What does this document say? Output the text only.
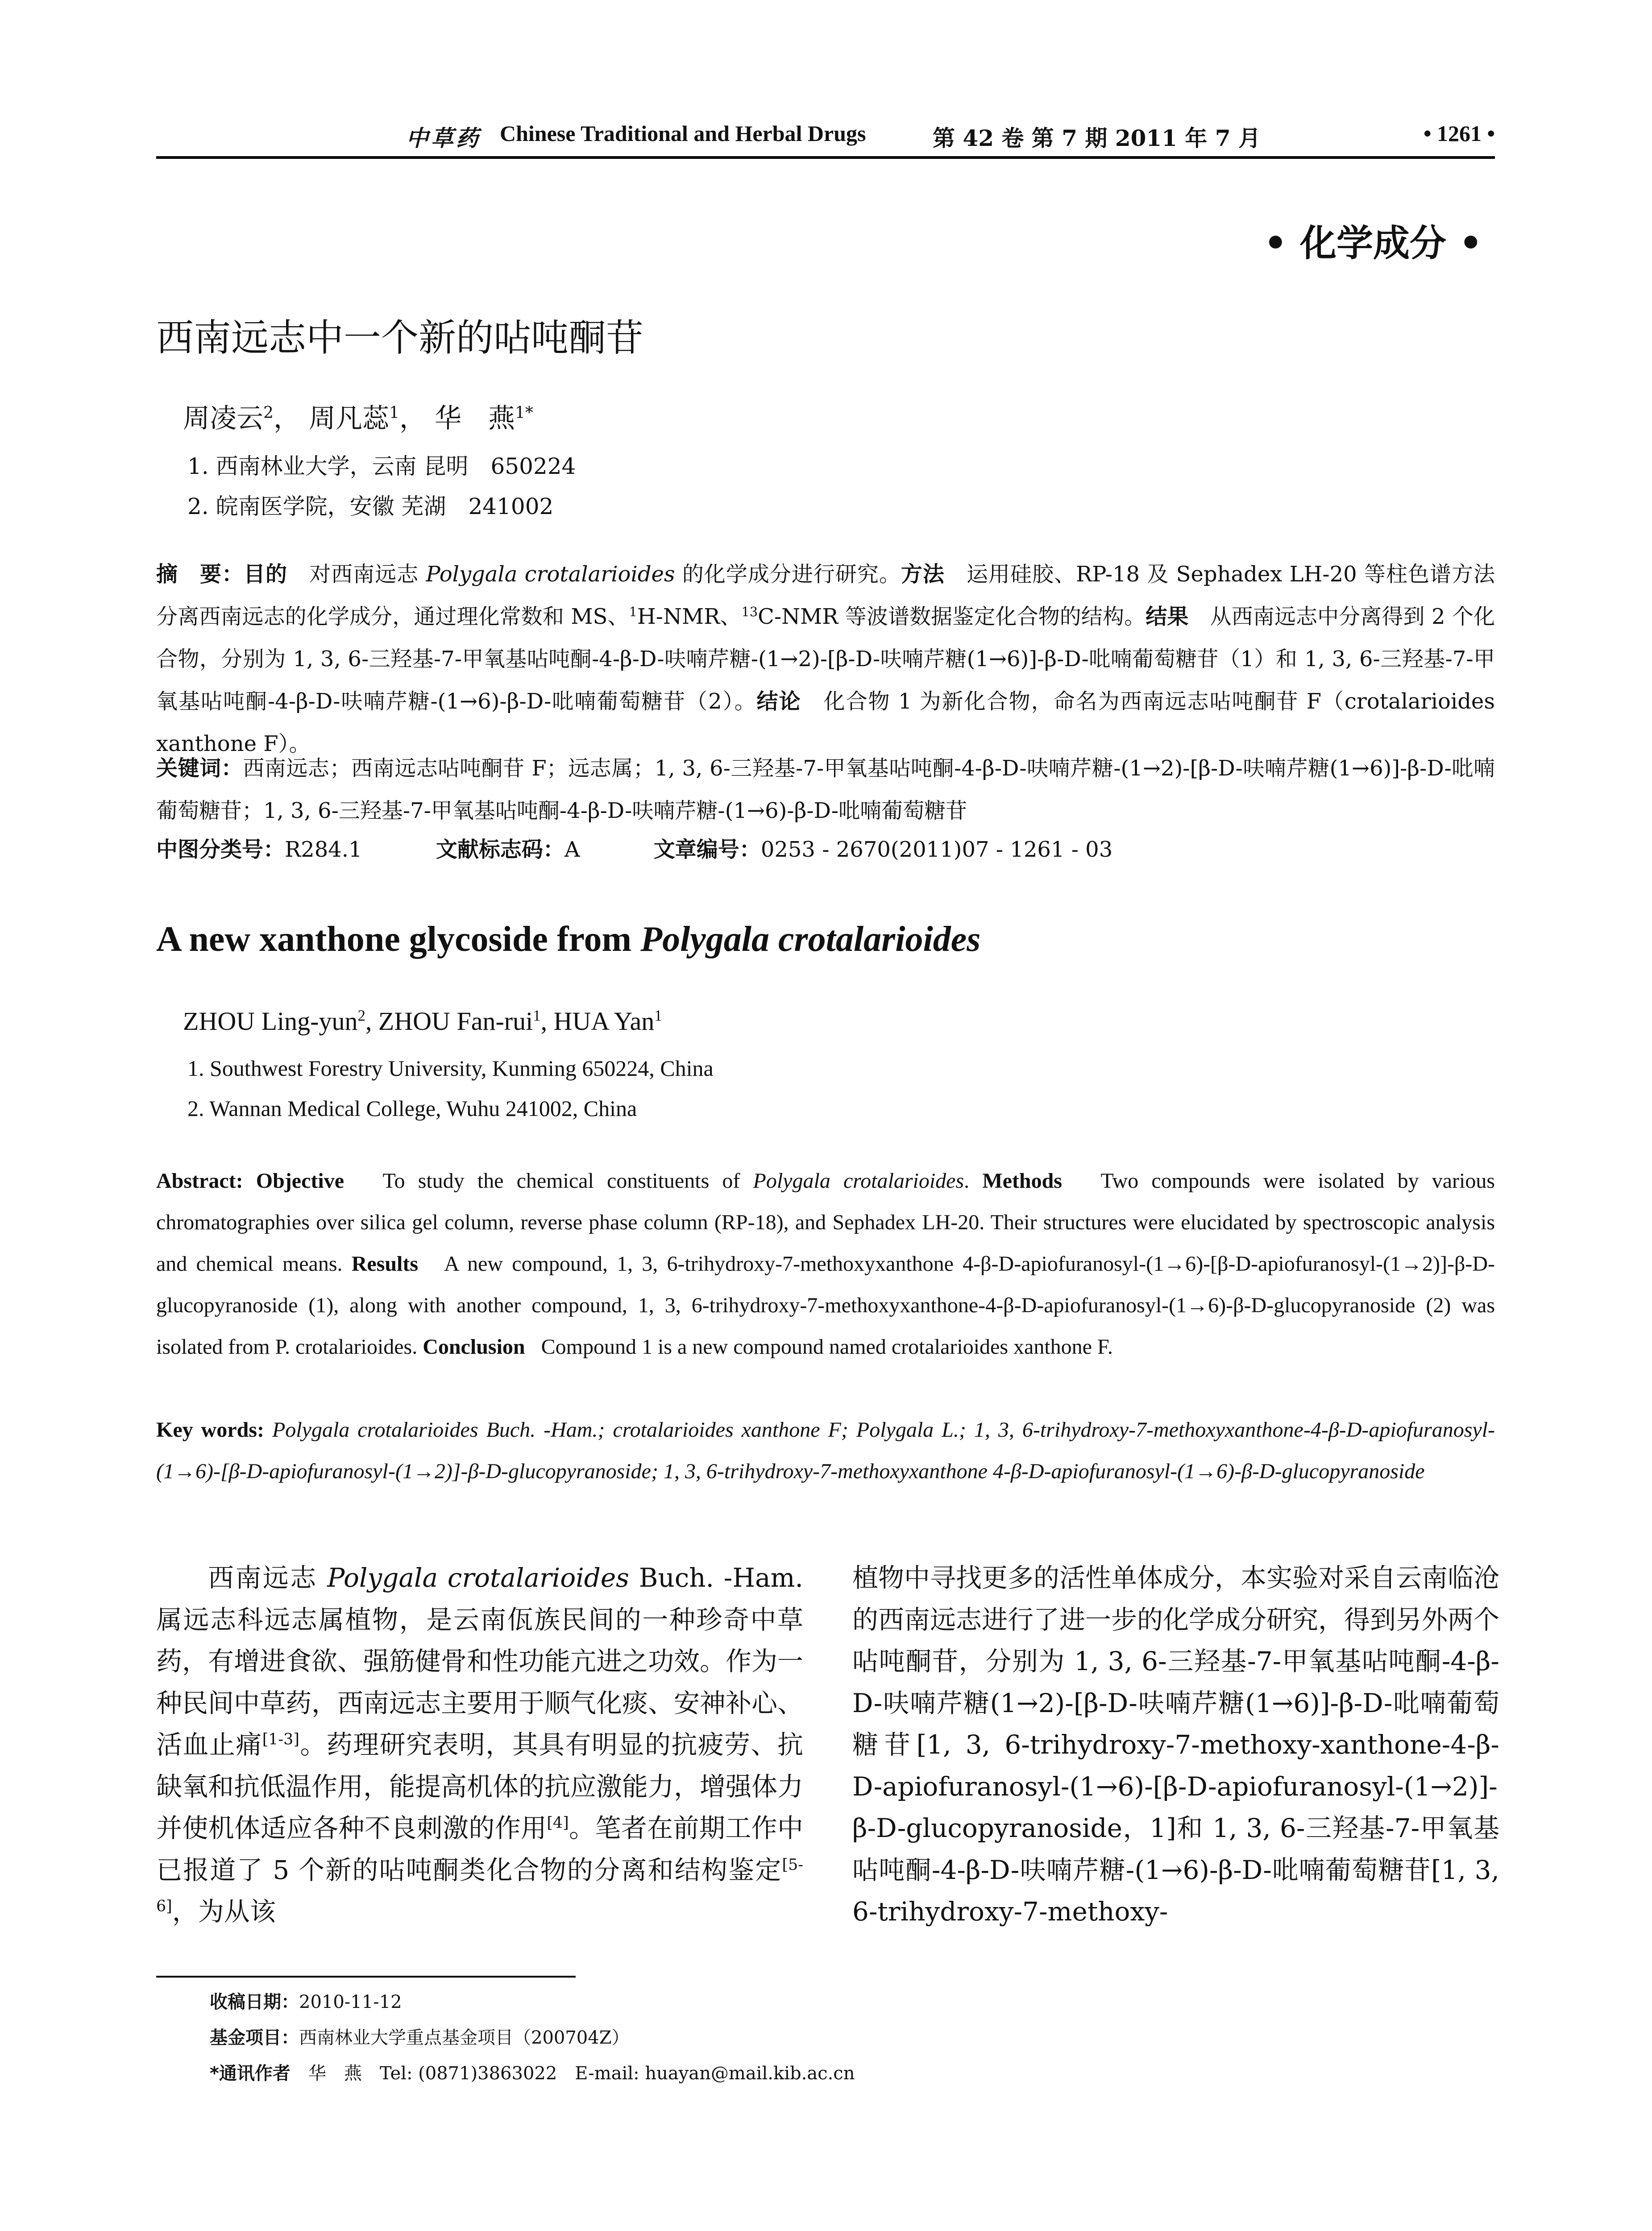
中草药 Chinese Traditional and Herbal Drugs	第 42 卷 第 7 期 2011 年 7 月	• 1261 •
• 化学成分 •
西南远志中一个新的呫吨酮苷
周凌云$^2$， 周凡蕊$^1$， 华　燕$^{1*}$
1. 西南林业大学，云南 昆明　650224
2. 皖南医学院，安徽 芜湖　241002
摘　要：目的　 对西南远志 Polygala crotalarioides 的化学成分进行研究。方法　 运用硅胶、RP-18 及 Sephadex LH-20 等柱色谱方法分离西南远志的化学成分，通过理化常数和 MS、$^1$H-NMR、$^{13}$C-NMR 等波谱数据鉴定化合物的结构。结果　 从西南远志中分离得到 2 个化合物，分别为 1, 3, 6-三羟基-7-甲氧基呫吨酮-4-β-D-呋喃芹糖-(1→2)-[β-D-呋喃芹糖(1→6)]-β-D-吡喃葡萄糖苷（1）和 1, 3, 6-三羟基-7-甲氧基呫吨酮-4-β-D-呋喃芹糖-(1→6)-β-D-吡喃葡萄糖苷（2）。结论　 化合物 1 为新化合物，命名为西南远志呫吨酮苷 F（crotalarioides xanthone F）。
关键词：西南远志；西南远志呫吨酮苷 F；远志属；1, 3, 6-三羟基-7-甲氧基呫吨酮-4-β-D-呋喃芹糖-(1→2)-[β-D-呋喃芹糖(1→6)]-β-D-吡喃葡萄糖苷；1, 3, 6-三羟基-7-甲氧基呫吨酮-4-β-D-呋喃芹糖-(1→6)-β-D-吡喃葡萄糖苷
中图分类号：R284.1	文献标志码：A	文章编号：0253 - 2670(2011)07 - 1261 - 03
A new xanthone glycoside from Polygala crotalarioides
ZHOU Ling-yun$^2$, ZHOU Fan-rui$^1$, HUA Yan$^1$
1. Southwest Forestry University, Kunming 650224, China
2. Wannan Medical College, Wuhu 241002, China
Abstract: Objective To study the chemical constituents of Polygala crotalarioides. Methods Two compounds were isolated by various chromatographies over silica gel column, reverse phase column (RP-18), and Sephadex LH-20. Their structures were elucidated by spectroscopic analysis and chemical means. Results A new compound, 1, 3, 6-trihydroxy-7-methoxyxanthone 4-β-D-apiofuranosyl-(1→6)-[β-D-apiofuranosyl-(1→2)]-β-D-glucopyranoside (1), along with another compound, 1, 3, 6-trihydroxy-7-methoxyxanthone-4-β-D-apiofuranosyl-(1→6)-β-D-glucopyranoside (2) was isolated from P. crotalarioides. Conclusion Compound 1 is a new compound named crotalarioides xanthone F.
Key words: Polygala crotalarioides Buch. -Ham.; crotalarioides xanthone F; Polygala L.; 1, 3, 6-trihydroxy-7-methoxyxanthone-4-β-D-apiofuranosyl-(1→6)-[β-D-apiofuranosyl-(1→2)]-β-D-glucopyranoside; 1, 3, 6-trihydroxy-7-methoxyxanthone 4-β-D-apiofuranosyl-(1→6)-β-D-glucopyranoside
西南远志 Polygala crotalarioides Buch. -Ham. 属远志科远志属植物，是云南佤族民间的一种珍奇中草药，有增进食欲、强筋健骨和性功能亢进之功效。作为一种民间中草药，西南远志主要用于顺气化痰、安神补心、活血止痛[1-3]。药理研究表明，其具有明显的抗疲劳、抗缺氧和抗低温作用，能提高机体的抗应激能力，增强体力并使机体适应各种不良刺激的作用[4]。笔者在前期工作中已报道了 5 个新的呫吨酮类化合物的分离和结构鉴定[5-6]，为从该
植物中寻找更多的活性单体成分，本实验对采自云南临沧的西南远志进行了进一步的化学成分研究，得到另外两个呫吨酮苷，分别为 1, 3, 6-三羟基-7-甲氧基呫吨酮-4-β-D-呋喃芹糖(1→2)-[β-D-呋喃芹糖(1→6)]-β-D-吡喃葡萄糖苷[1, 3, 6-trihydroxy-7-methoxy-xanthone-4-β-D-apiofuranosyl-(1→6)-[β-D-apiofuranosyl-(1→2)]-β-D-glucopyranoside，1]和 1, 3, 6-三羟基-7-甲氧基呫吨酮-4-β-D-呋喃芹糖-(1→6)-β-D-吡喃葡萄糖苷[1, 3, 6-trihydroxy-7-methoxy-
收稿日期：2010-11-12
基金项目：西南林业大学重点基金项目（200704Z）
*通讯作者　 华　燕　Tel: (0871)3863022　E-mail: huayan@mail.kib.ac.cn
